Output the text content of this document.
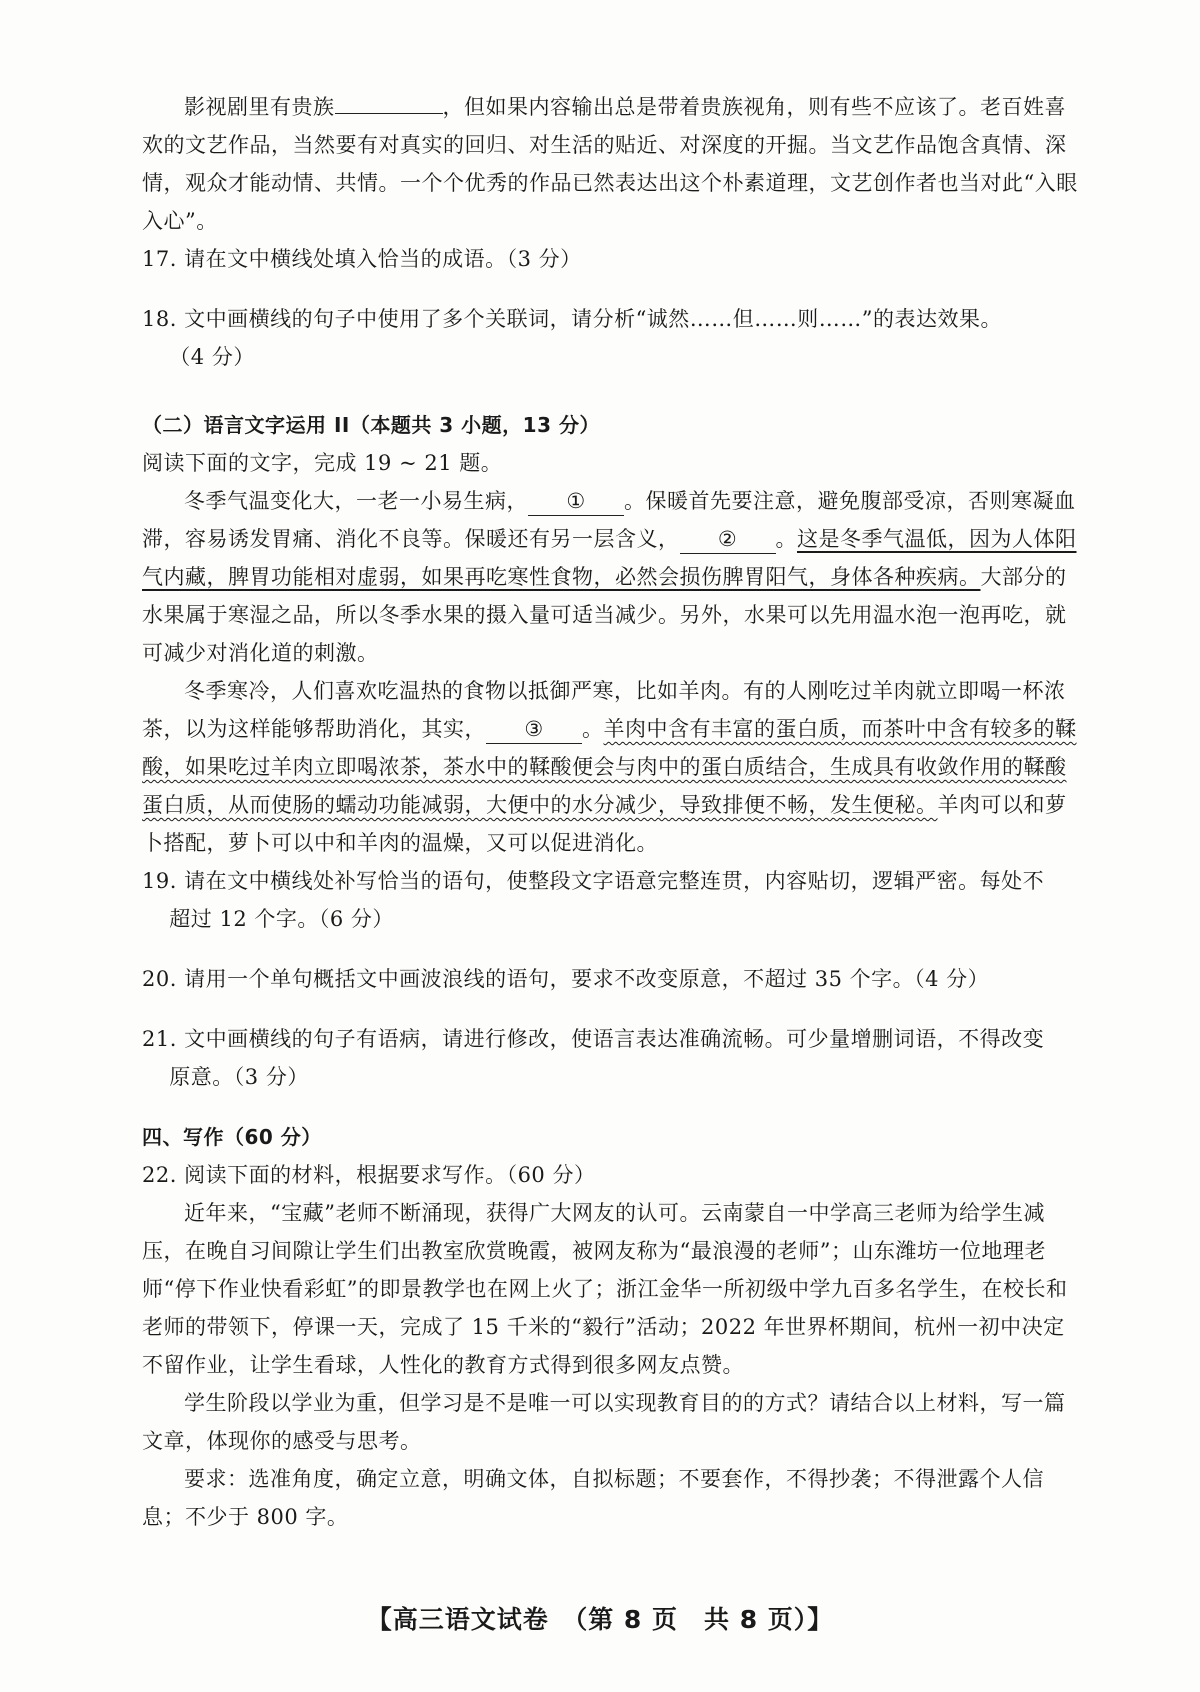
影视剧里有贵族	，但如果内容输出总是带着贵族视角，则有些不应该了。老百姓喜欢的文艺作品，当然要有对真实的回归、对生活的贴近、对深度的开掘。当文艺作品饱含真情、深情，观众才能动情、共情。一个个优秀的作品已然表达出这个朴素道理，文艺创作者也当对此“入眼入心”。

17. 请在文中横线处填入恰当的成语。（3 分）

18. 文中画横线的句子中使用了多个关联词，请分析“诚然……但……则……”的表达效果。

（4 分）

（二）语言文字运用 II（本题共 3 小题，13 分）

阅读下面的文字，完成 19 ~ 21 题。

冬季气温变化大，一老一小易生病， ① 。保暖首先要注意，避免腹部受凉，否则寒凝血滞，容易诱发胃痛、消化不良等。保暖还有另一层含义， ② 。这是冬季气温低，因为人体阳气内藏，脾胃功能相对虚弱，如果再吃寒性食物，必然会损伤脾胃阳气，身体各种疾病。大部分的水果属于寒湿之品，所以冬季水果的摄入量可适当减少。另外，水果可以先用温水泡一泡再吃，就可减少对消化道的刺激。

冬季寒冷，人们喜欢吃温热的食物以抵御严寒，比如羊肉。有的人刚吃过羊肉就立即喝一杯浓茶，以为这样能够帮助消化，其实， ③ 。羊肉中含有丰富的蛋白质，而茶叶中含有较多的鞣酸，如果吃过羊肉立即喝浓茶，茶水中的鞣酸便会与肉中的蛋白质结合，生成具有收敛作用的鞣酸蛋白质，从而使肠的蠕动功能减弱，大便中的水分减少，导致排便不畅，发生便秘。羊肉可以和萝卜搭配，萝卜可以中和羊肉的温燥，又可以促进消化。

19. 请在文中横线处补写恰当的语句，使整段文字语意完整连贯，内容贴切，逻辑严密。每处不

超过 12 个字。（6 分）

20. 请用一个单句概括文中画波浪线的语句，要求不改变原意，不超过 35 个字。（4 分）

21. 文中画横线的句子有语病，请进行修改，使语言表达准确流畅。可少量增删词语，不得改变

原意。（3 分）

四、写作（60 分）

22. 阅读下面的材料，根据要求写作。（60 分）

近年来，“宝藏”老师不断涌现，获得广大网友的认可。云南蒙自一中学高三老师为给学生减压，在晚自习间隙让学生们出教室欣赏晚霞，被网友称为“最浪漫的老师”；山东潍坊一位地理老师“停下作业快看彩虹”的即景教学也在网上火了；浙江金华一所初级中学九百多名学生，在校长和老师的带领下，停课一天，完成了 15 千米的“毅行”活动；2022 年世界杯期间，杭州一初中决定不留作业，让学生看球，人性化的教育方式得到很多网友点赞。

学生阶段以学业为重，但学习是不是唯一可以实现教育目的的方式？请结合以上材料，写一篇文章，体现你的感受与思考。

要求：选准角度，确定立意，明确文体，自拟标题；不要套作，不得抄袭；不得泄露个人信息；不少于 800 字。

【高三语文试卷　（第 8 页　共 8 页）】
